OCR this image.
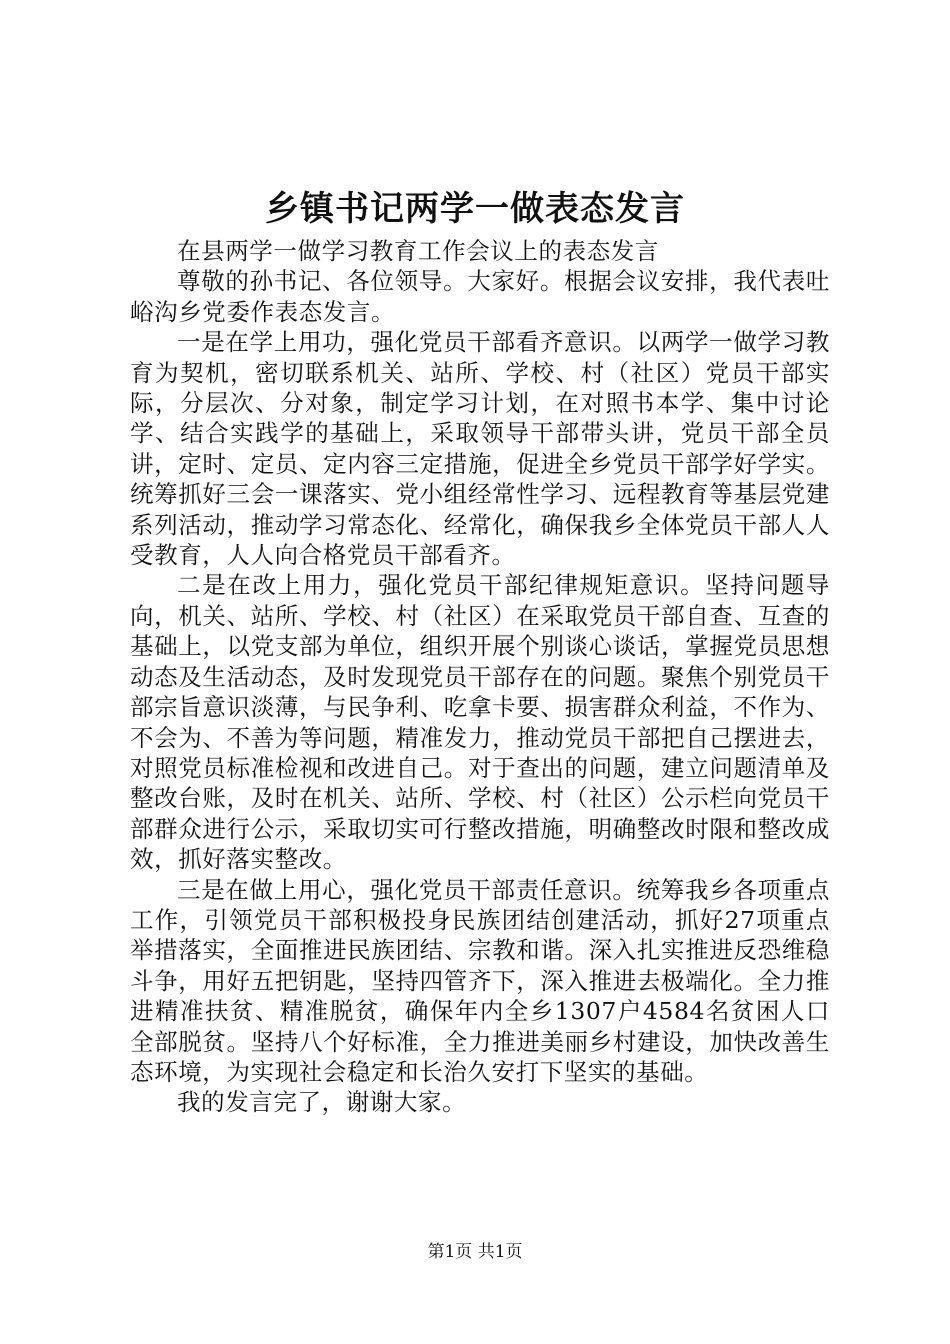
乡镇书记两学一做表态发言

在县两学一做学习教育工作会议上的表态发言

尊敬的孙书记、各位领导。大家好。根据会议安排，我代表吐峪沟乡党委作表态发言。

一是在学上用功，强化党员干部看齐意识。以两学一做学习教育为契机，密切联系机关、站所、学校、村（社区）党员干部实际，分层次、分对象，制定学习计划，在对照书本学、集中讨论学、结合实践学的基础上，采取领导干部带头讲，党员干部全员讲，定时、定员、定内容三定措施，促进全乡党员干部学好学实。统筹抓好三会一课落实、党小组经常性学习、远程教育等基层党建系列活动，推动学习常态化、经常化，确保我乡全体党员干部人人受教育，人人向合格党员干部看齐。

二是在改上用力，强化党员干部纪律规矩意识。坚持问题导向，机关、站所、学校、村（社区）在采取党员干部自查、互查的基础上，以党支部为单位，组织开展个别谈心谈话，掌握党员思想动态及生活动态，及时发现党员干部存在的问题。聚焦个别党员干部宗旨意识淡薄，与民争利、吃拿卡要、损害群众利益，不作为、不会为、不善为等问题，精准发力，推动党员干部把自己摆进去，对照党员标准检视和改进自己。对于查出的问题，建立问题清单及整改台账，及时在机关、站所、学校、村（社区）公示栏向党员干部群众进行公示，采取切实可行整改措施，明确整改时限和整改成效，抓好落实整改。

三是在做上用心，强化党员干部责任意识。统筹我乡各项重点工作，引领党员干部积极投身民族团结创建活动，抓好27项重点举措落实，全面推进民族团结、宗教和谐。深入扎实推进反恐维稳斗争，用好五把钥匙，坚持四管齐下，深入推进去极端化。全力推进精准扶贫、精准脱贫，确保年内全乡1307户4584名贫困人口全部脱贫。坚持八个好标准，全力推进美丽乡村建设，加快改善生态环境，为实现社会稳定和长治久安打下坚实的基础。

我的发言完了，谢谢大家。

第1页 共1页
